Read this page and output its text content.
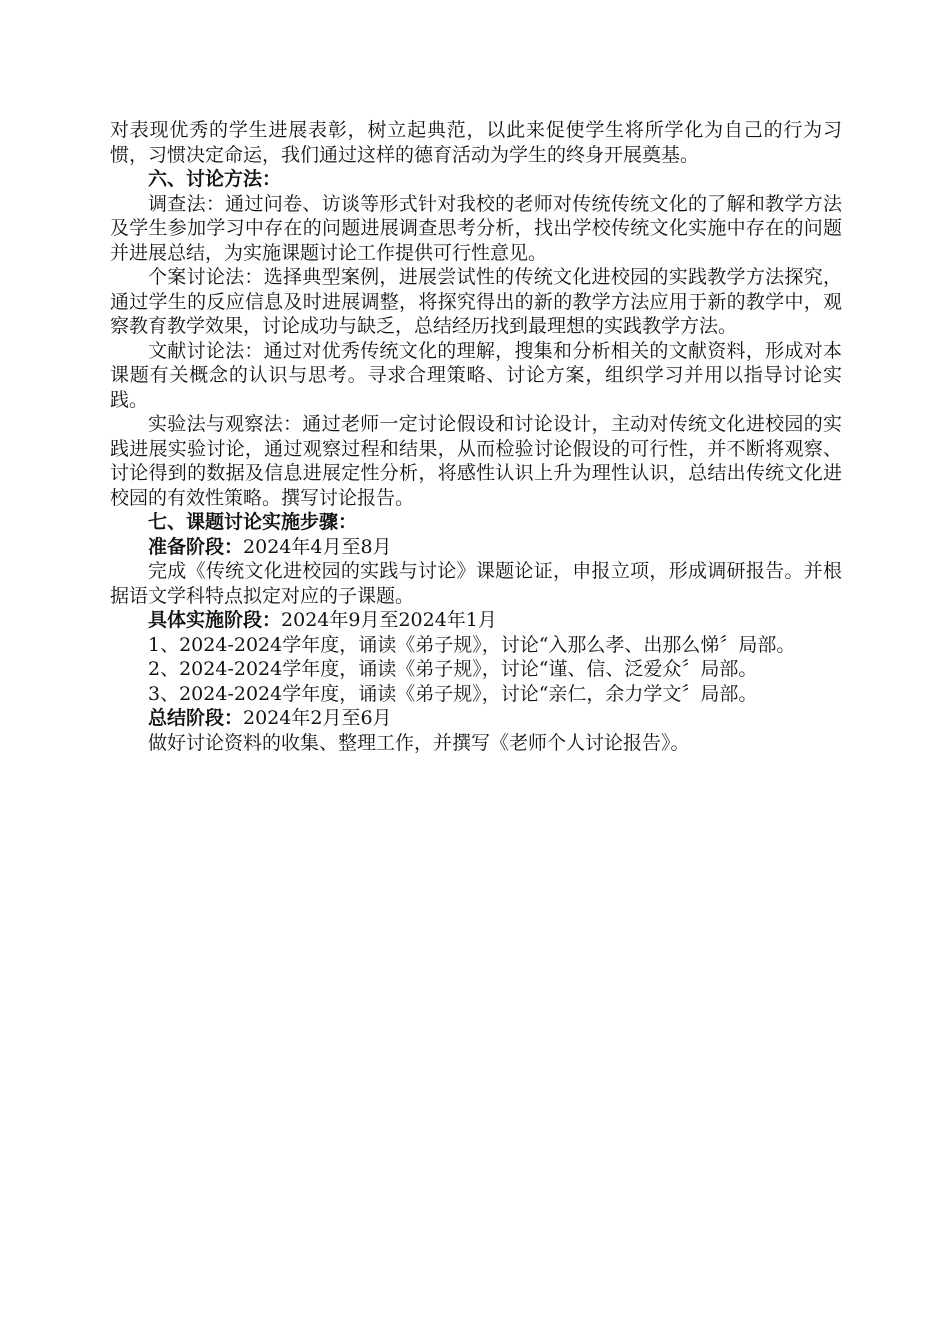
对表现优秀的学生进展表彰，树立起典范，以此来促使学生将所学化为自己的行为习惯，习惯决定命运，我们通过这样的德育活动为学生的终身开展奠基。

六、讨论方法：

调查法：通过问卷、访谈等形式针对我校的老师对传统传统文化的了解和教学方法及学生参加学习中存在的问题进展调查思考分析，找出学校传统文化实施中存在的问题并进展总结，为实施课题讨论工作提供可行性意见。

个案讨论法：选择典型案例，进展尝试性的传统文化进校园的实践教学方法探究，通过学生的反应信息及时进展调整，将探究得出的新的教学方法应用于新的教学中，观察教育教学效果，讨论成功与缺乏，总结经历找到最理想的实践教学方法。

文献讨论法：通过对优秀传统文化的理解，搜集和分析相关的文献资料，形成对本课题有关概念的认识与思考。寻求合理策略、讨论方案，组织学习并用以指导讨论实践。

实验法与观察法：通过老师一定讨论假设和讨论设计，主动对传统文化进校园的实践进展实验讨论，通过观察过程和结果，从而检验讨论假设的可行性，并不断将观察、讨论得到的数据及信息进展定性分析，将感性认识上升为理性认识，总结出传统文化进校园的有效性策略。撰写讨论报告。

七、课题讨论实施步骤：

准备阶段：2024年4月至8月

完成《传统文化进校园的实践与讨论》课题论证，申报立项，形成调研报告。并根据语文学科特点拟定对应的子课题。

具体实施阶段：2024年9月至2024年1月

1、2024-2024学年度，诵读《弟子规》，讨论“入那么孝、出那么悌〞局部。

2、2024-2024学年度，诵读《弟子规》，讨论“谨、信、泛爱众〞局部。

3、2024-2024学年度，诵读《弟子规》，讨论“亲仁，余力学文〞局部。

总结阶段：2024年2月至6月

做好讨论资料的收集、整理工作，并撰写《老师个人讨论报告》。
